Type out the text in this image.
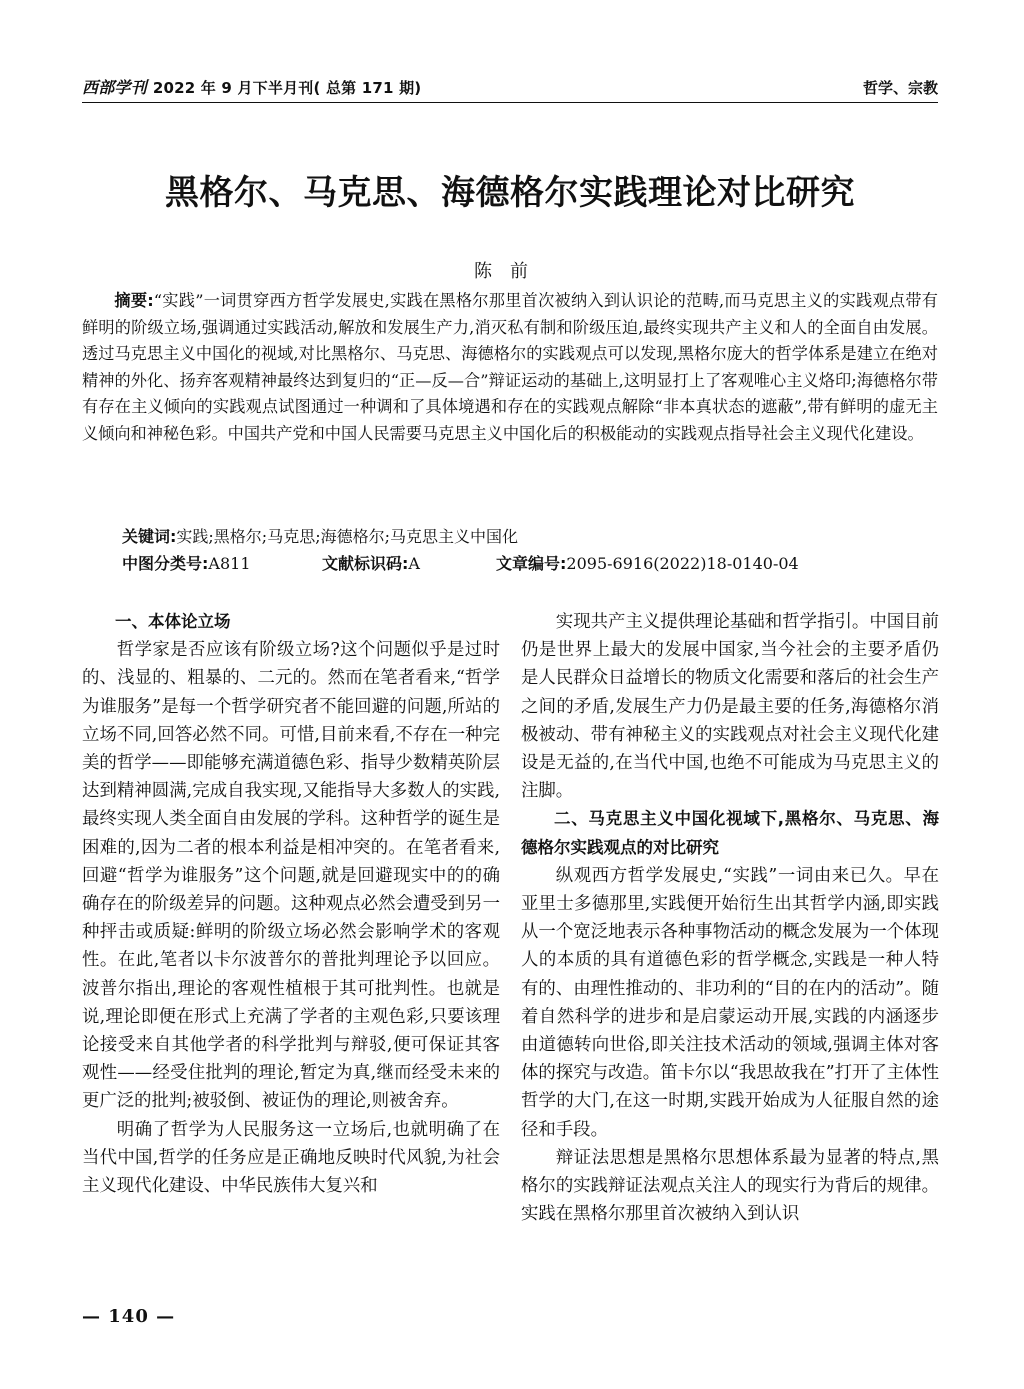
西部学刊 2022 年 9 月下半月刊( 总第 171 期)	哲学、宗教
黑格尔、马克思、海德格尔实践理论对比研究
陈前

摘要:“实践”一词贯穿西方哲学发展史,实践在黑格尔那里首次被纳入到认识论的范畴,而马克思主义的实践观点带有鲜明的阶级立场,强调通过实践活动,解放和发展生产力,消灭私有制和阶级压迫,最终实现共产主义和人的全面自由发展。透过马克思主义中国化的视域,对比黑格尔、马克思、海德格尔的实践观点可以发现,黑格尔庞大的哲学体系是建立在绝对精神的外化、扬弃客观精神最终达到复归的“正—反—合”辩证运动的基础上,这明显打上了客观唯心主义烙印;海德格尔带有存在主义倾向的实践观点试图通过一种调和了具体境遇和存在的实践观点解除“非本真状态的遮蔽”,带有鲜明的虚无主义倾向和神秘色彩。中国共产党和中国人民需要马克思主义中国化后的积极能动的实践观点指导社会主义现代化建设。

关键词:实践;黑格尔;马克思;海德格尔;马克思主义中国化
中图分类号:A811	文献标识码:A	文章编号:2095-6916(2022)18-0140-04
一、本体论立场

哲学家是否应该有阶级立场?这个问题似乎是过时的、浅显的、粗暴的、二元的。然而在笔者看来,“哲学为谁服务”是每一个哲学研究者不能回避的问题,所站的立场不同,回答必然不同。可惜,目前来看,不存在一种完美的哲学——即能够充满道德色彩、指导少数精英阶层达到精神圆满,完成自我实现,又能指导大多数人的实践,最终实现人类全面自由发展的学科。这种哲学的诞生是困难的,因为二者的根本利益是相冲突的。在笔者看来,回避“哲学为谁服务”这个问题,就是回避现实中的的确确存在的阶级差异的问题。这种观点必然会遭受到另一种抨击或质疑:鲜明的阶级立场必然会影响学术的客观性。在此,笔者以卡尔波普尔的普批判理论予以回应。波普尔指出,理论的客观性植根于其可批判性。也就是说,理论即便在形式上充满了学者的主观色彩,只要该理论接受来自其他学者的科学批判与辩驳,便可保证其客观性——经受住批判的理论,暂定为真,继而经受未来的更广泛的批判;被驳倒、被证伪的理论,则被舍弃。

明确了哲学为人民服务这一立场后,也就明确了在当代中国,哲学的任务应是正确地反映时代风貌,为社会主义现代化建设、中华民族伟大复兴和

实现共产主义提供理论基础和哲学指引。中国目前仍是世界上最大的发展中国家,当今社会的主要矛盾仍是人民群众日益增长的物质文化需要和落后的社会生产之间的矛盾,发展生产力仍是最主要的任务,海德格尔消极被动、带有神秘主义的实践观点对社会主义现代化建设是无益的,在当代中国,也绝不可能成为马克思主义的注脚。

二、马克思主义中国化视域下,黑格尔、马克思、海德格尔实践观点的对比研究

纵观西方哲学发展史,“实践”一词由来已久。早在亚里士多德那里,实践便开始衍生出其哲学内涵,即实践从一个宽泛地表示各种事物活动的概念发展为一个体现人的本质的具有道德色彩的哲学概念,实践是一种人特有的、由理性推动的、非功利的“目的在内的活动”。随着自然科学的进步和是启蒙运动开展,实践的内涵逐步由道德转向世俗,即关注技术活动的领域,强调主体对客体的探究与改造。笛卡尔以“我思故我在”打开了主体性哲学的大门,在这一时期,实践开始成为人征服自然的途径和手段。

辩证法思想是黑格尔思想体系最为显著的特点,黑格尔的实践辩证法观点关注人的现实行为背后的规律。实践在黑格尔那里首次被纳入到认识

— 140 —
